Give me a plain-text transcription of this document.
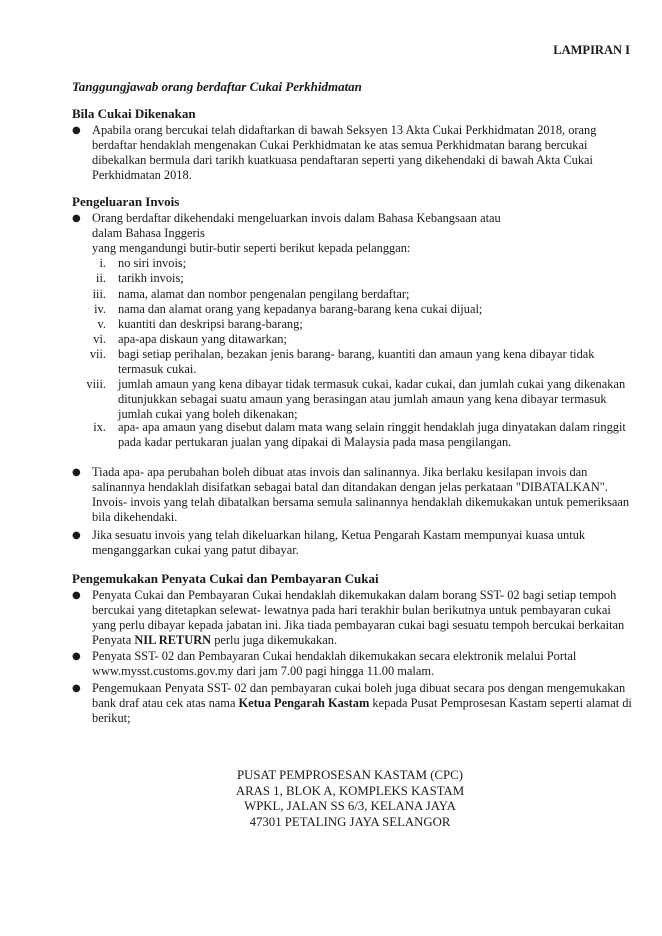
LAMPIRAN I
Tanggungjawab orang berdaftar Cukai Perkhidmatan
Bila Cukai Dikenakan
● Apabila orang bercukai telah didaftarkan di bawah Seksyen 13 Akta Cukai Perkhidmatan 2018, orang berdaftar hendaklah mengenakan Cukai Perkhidmatan ke atas semua Perkhidmatan barang bercukai dibekalkan bermula dari tarikh kuatkuasa pendaftaran seperti yang dikehendaki di bawah Akta Cukai Perkhidmatan 2018.
Pengeluaran Invois
● Orang berdaftar dikehendaki mengeluarkan invois dalam Bahasa Kebangsaan atau dalam Bahasa Inggeris
yang mengandungi butir-butir seperti berikut kepada pelanggan:
i. no siri invois;
ii. tarikh invois;
iii. nama, alamat dan nombor pengenalan pengilang berdaftar;
iv. nama dan alamat orang yang kepadanya barang-barang kena cukai dijual;
v. kuantiti dan deskripsi barang-barang;
vi. apa-apa diskaun yang ditawarkan;
vii. bagi setiap perihalan, bezakan jenis barang- barang, kuantiti dan amaun yang kena dibayar tidak termasuk cukai.
viii. jumlah amaun yang kena dibayar tidak termasuk cukai, kadar cukai, dan jumlah cukai yang dikenakan ditunjukkan sebagai suatu amaun yang berasingan atau jumlah amaun yang kena dibayar termasuk jumlah cukai yang boleh dikenakan;
ix. apa- apa amaun yang disebut dalam mata wang selain ringgit hendaklah juga dinyatakan dalam ringgit pada kadar pertukaran jualan yang dipakai di Malaysia pada masa pengilangan.
● Tiada apa- apa perubahan boleh dibuat atas invois dan salinannya. Jika berlaku kesilapan invois dan salinannya hendaklah disifatkan sebagai batal dan ditandakan dengan jelas perkataan "DIBATALKAN". Invois- invois yang telah dibatalkan bersama semula salinannya hendaklah dikemukakan untuk pemeriksaan bila dikehendaki.
● Jika sesuatu invois yang telah dikeluarkan hilang, Ketua Pengarah Kastam mempunyai kuasa untuk menganggarkan cukai yang patut dibayar.
Pengemukakan Penyata Cukai dan Pembayaran Cukai
● Penyata Cukai dan Pembayaran Cukai hendaklah dikemukakan dalam borang SST- 02 bagi setiap tempoh bercukai yang ditetapkan selewat- lewatnya pada hari terakhir bulan berikutnya untuk pembayaran cukai yang perlu dibayar kepada jabatan ini. Jika tiada pembayaran cukai bagi sesuatu tempoh bercukai berkaitan Penyata NIL RETURN perlu juga dikemukakan.
● Penyata SST- 02 dan Pembayaran Cukai hendaklah dikemukakan secara elektronik melalui Portal www.mysst.customs.gov.my dari jam 7.00 pagi hingga 11.00 malam.
● Pengemukaan Penyata SST- 02 dan pembayaran cukai boleh juga dibuat secara pos dengan mengemukakan bank draf atau cek atas nama Ketua Pengarah Kastam kepada Pusat Pemprosesan Kastam seperti alamat di berikut;
PUSAT PEMPROSESAN KASTAM (CPC)
ARAS 1, BLOK A, KOMPLEKS KASTAM
WPKL, JALAN SS 6/3, KELANA JAYA
47301 PETALING JAYA SELANGOR
